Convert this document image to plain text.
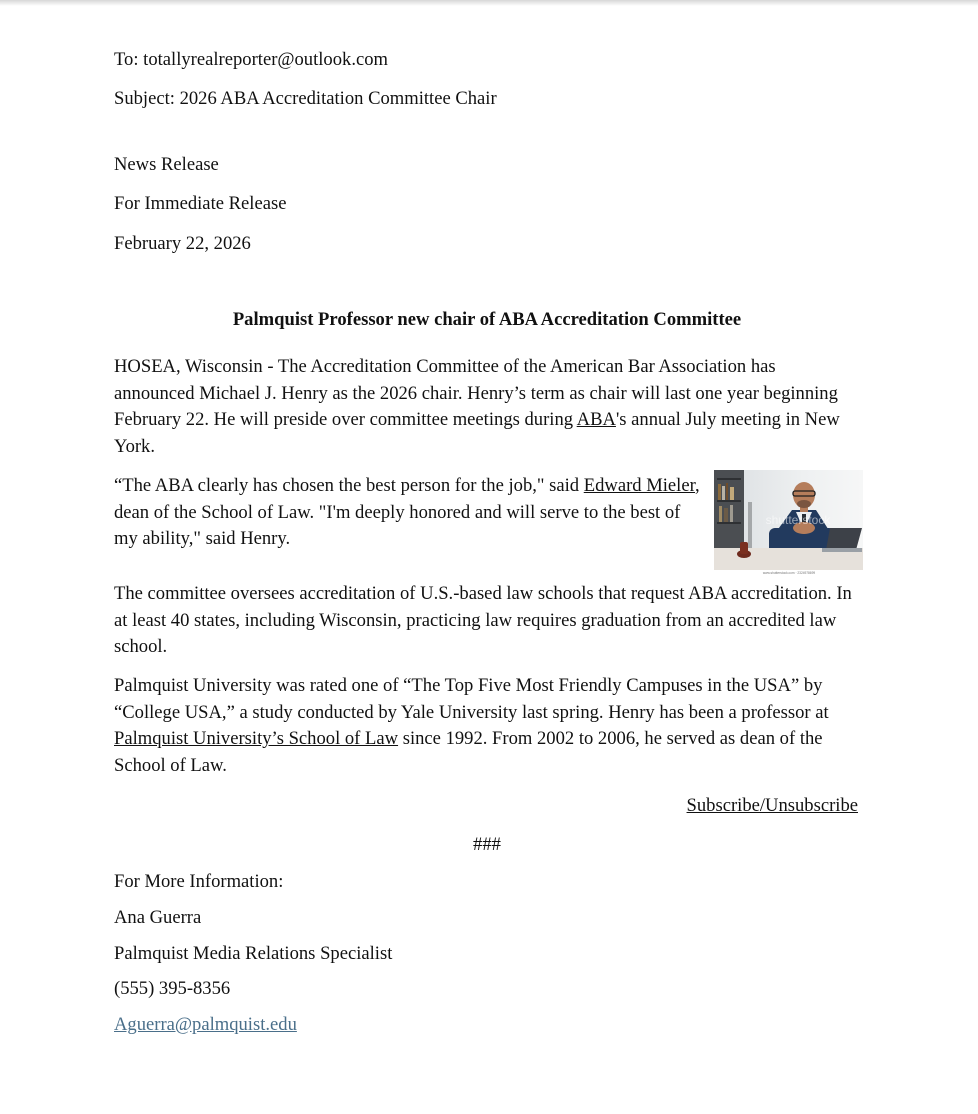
To: totallyrealreporter@outlook.com
Subject: 2026 ABA Accreditation Committee Chair
News Release
For Immediate Release
February 22, 2026
Palmquist Professor new chair of ABA Accreditation Committee
HOSEA, Wisconsin - The Accreditation Committee of the American Bar Association has announced Michael J. Henry as the 2026 chair. Henry’s term as chair will last one year beginning February 22. He will preside over committee meetings during ABA's annual July meeting in New York.
“The ABA clearly has chosen the best person for the job," said Edward Mieler, dean of the School of Law. "I'm deeply honored and will serve to the best of my ability," said Henry.
shutterstock
www.shutterstock.com · 2324978699
The committee oversees accreditation of U.S.-based law schools that request ABA accreditation. In at least 40 states, including Wisconsin, practicing law requires graduation from an accredited law school.
Palmquist University was rated one of “The Top Five Most Friendly Campuses in the USA” by “College USA,” a study conducted by Yale University last spring. Henry has been a professor at Palmquist University’s School of Law since 1992. From 2002 to 2006, he served as dean of the School of Law.
Subscribe/Unsubscribe
###
For More Information:
Ana Guerra
Palmquist Media Relations Specialist
(555) 395-8356
Aguerra@palmquist.edu
